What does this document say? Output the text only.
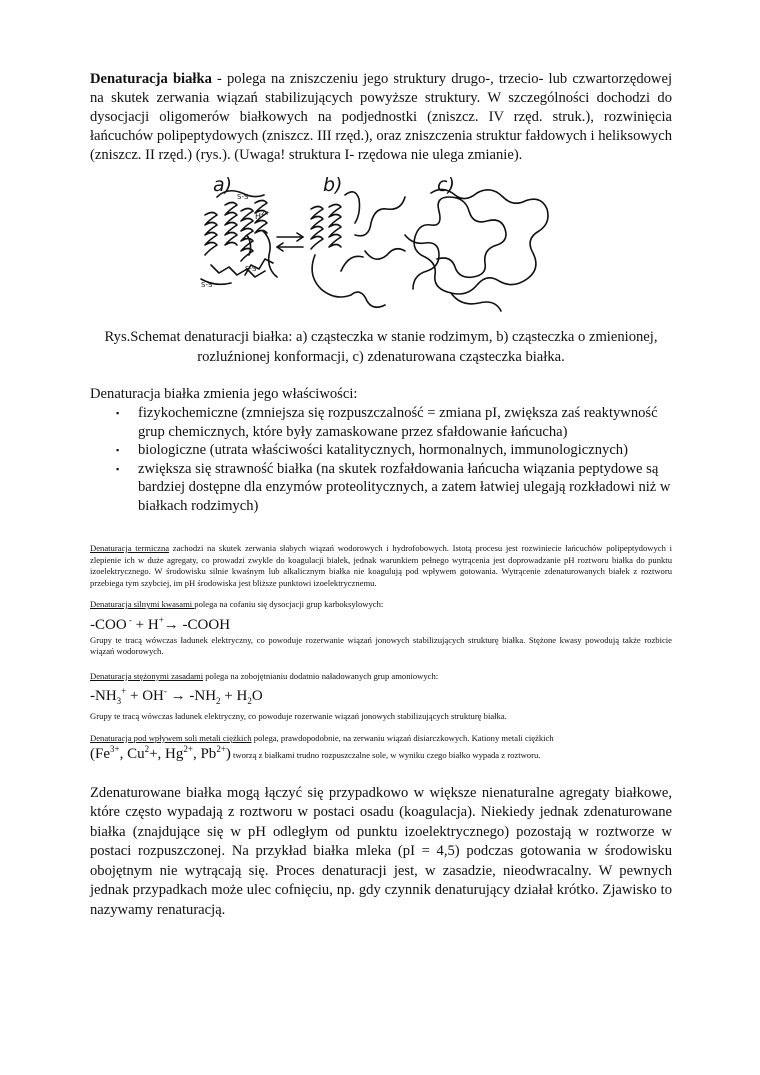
Denaturacja białka - polega na zniszczeniu jego struktury drugo-, trzecio- lub czwartorzędowej na skutek zerwania wiązań stabilizujących powyższe struktury. W szczególności dochodzi do dysocjacji oligomerów białkowych na podjednostki (zniszcz. IV rzęd. struk.), rozwinięcia łańcuchów polipeptydowych (zniszcz. III rzęd.), oraz zniszczenia struktur fałdowych i heliksowych (zniszcz. II rzęd.) (rys.). (Uwaga! struktura I- rzędowa nie ulega zmianie).

a)	b)	c)
S-S
H 2+
S-S
S-S

Rys.Schemat denaturacji białka: a) cząsteczka w stanie rodzimym, b) cząsteczka o zmienionej, rozluźnionej konformacji, c) zdenaturowana cząsteczka białka.

Denaturacja białka zmienia jego właściwości:

▪ fizykochemiczne (zmniejsza się rozpuszczalność = zmiana pI, zwiększa zaś reaktywność grup chemicznych, które były zamaskowane przez sfałdowanie łańcucha)
▪ biologiczne (utrata właściwości katalitycznych, hormonalnych, immunologicznych)
▪ zwiększa się strawność białka (na skutek rozfałdowania łańcucha wiązania peptydowe są bardziej dostępne dla enzymów proteolitycznych, a zatem łatwiej ulegają rozkładowi niż w białkach rodzimych)

Denaturacja termiczna zachodzi na skutek zerwania słabych wiązań wodorowych i hydrofobowych. Istotą procesu jest rozwiniecie łańcuchów polipeptydowych i zlepienie ich w duże agregaty, co prowadzi zwykle do koagulacji białek, jednak warunkiem pełnego wytrącenia jest doprowadzanie pH roztworu białka do punktu izoelektrycznego. W środowisku silnie kwaśnym lub alkalicznym białka nie koagulują pod wpływem gotowania. Wytrącenie zdenaturowanych białek z roztworu przebiega tym szybciej, im pH środowiska jest bliższe punktowi izoelektrycznemu.

Denaturacja silnymi kwasami polega na cofaniu się dysocjacji grup karboksylowych:

-COO - + H+→ -COOH

Grupy te tracą wówczas ładunek elektryczny, co powoduje rozerwanie wiązań jonowych stabilizujących strukturę białka. Stężone kwasy powodują także rozbicie wiązań wodorowych.

Denaturacja stężonymi zasadami polega na zobojętnianiu dodatnio naładowanych grup amoniowych:

$-NH_3^+ + OH^- \to -NH_2 + H_2O$

Grupy te tracą wówczas ładunek elektryczny, co powoduje rozerwanie wiązań jonowych stabilizujących strukturę białka.

Denaturacja pod wpływem soli metali ciężkich polega, prawdopodobnie, na zerwaniu wiązań disiarczkowych. Kationy metali ciężkich

($Fe^{3+}$, $Cu^2+$, $Hg^{2+}$, $Pb^{2+}$) tworzą z białkami trudno rozpuszczalne sole, w wyniku czego białko wypada z roztworu.

Zdenaturowane białka mogą łączyć się przypadkowo w większe nienaturalne agregaty białkowe, które często wypadają z roztworu w postaci osadu (koagulacja). Niekiedy jednak zdenaturowane białka (znajdujące się w pH odległym od punktu izoelektrycznego) pozostają w roztworze w postaci rozpuszczonej. Na przykład białka mleka (pI = 4,5) podczas gotowania w środowisku obojętnym nie wytrącają się. Proces denaturacji jest, w zasadzie, nieodwracalny. W pewnych jednak przypadkach może ulec cofnięciu, np. gdy czynnik denaturujący działał krótko. Zjawisko to nazywamy renaturacją.
